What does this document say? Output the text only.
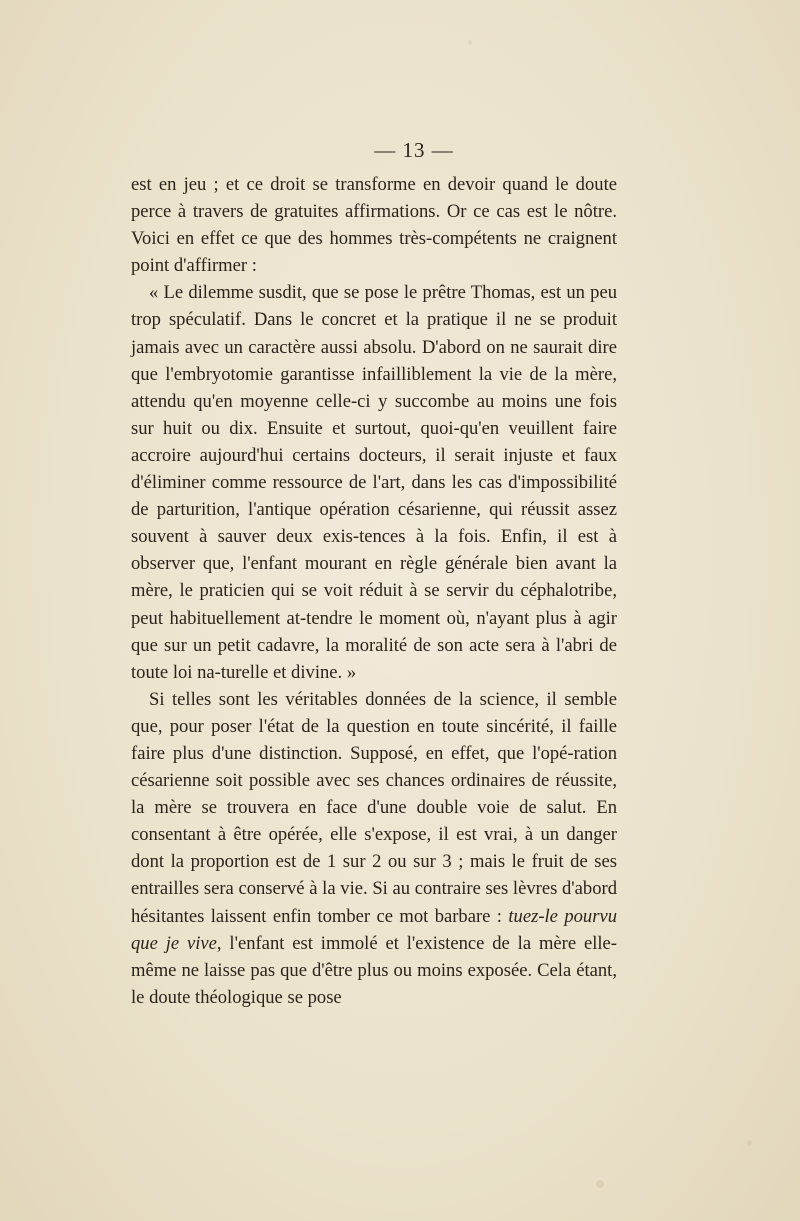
— 13 —

est en jeu ; et ce droit se transforme en devoir quand le doute perce à travers de gratuites affirmations. Or ce cas est le nôtre. Voici en effet ce que des hommes très-compétents ne craignent point d'affirmer :

« Le dilemme susdit, que se pose le prêtre Thomas, est un peu trop spéculatif. Dans le concret et la pratique il ne se produit jamais avec un caractère aussi absolu. D'abord on ne saurait dire que l'embryotomie garantisse infailliblement la vie de la mère, attendu qu'en moyenne celle-ci y succombe au moins une fois sur huit ou dix. Ensuite et surtout, quoi-qu'en veuillent faire accroire aujourd'hui certains docteurs, il serait injuste et faux d'éliminer comme ressource de l'art, dans les cas d'impossibilité de parturition, l'antique opération césarienne, qui réussit assez souvent à sauver deux exis-tences à la fois. Enfin, il est à observer que, l'enfant mourant en règle générale bien avant la mère, le praticien qui se voit réduit à se servir du céphalotribe, peut habituellement at-tendre le moment où, n'ayant plus à agir que sur un petit cadavre, la moralité de son acte sera à l'abri de toute loi na-turelle et divine. »

Si telles sont les véritables données de la science, il semble que, pour poser l'état de la question en toute sincérité, il faille faire plus d'une distinction. Supposé, en effet, que l'opé-ration césarienne soit possible avec ses chances ordinaires de réussite, la mère se trouvera en face d'une double voie de salut. En consentant à être opérée, elle s'expose, il est vrai, à un danger dont la proportion est de 1 sur 2 ou sur 3 ; mais le fruit de ses entrailles sera conservé à la vie. Si au contraire ses lèvres d'abord hésitantes laissent enfin tomber ce mot barbare : tuez-le pourvu que je vive, l'enfant est immolé et l'existence de la mère elle-même ne laisse pas que d'être plus ou moins exposée. Cela étant, le doute théologique se pose
